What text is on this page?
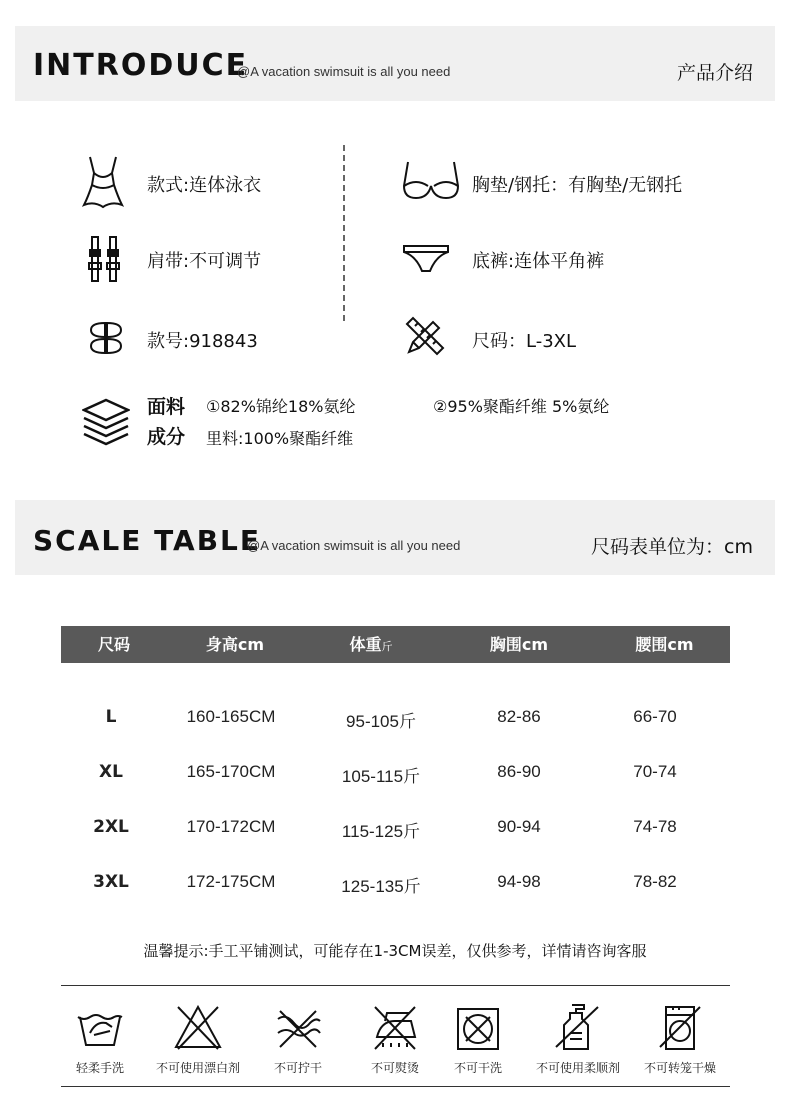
INTRODUCE
@A vacation swimsuit is all you need	产品介绍
款式:连体泳衣
肩带:不可调节
款号:918843
胸垫/钢托：有胸垫/无钢托
底裤:连体平角裤
尺码：L-3XL
面料
成分
①82%锦纶18%氨纶	②95%聚酯纤维 5%氨纶
里料:100%聚酯纤维
SCALE TABLE
@A vacation swimsuit is all you need	尺码表单位为：cm
尺码	身高cm	体重斤	胸围cm	腰围cm
L	160-165CM	95-105斤	82-86	66-70
XL	165-170CM	105-115斤	86-90	70-74
2XL	170-172CM	115-125斤	90-94	74-78
3XL	172-175CM	125-135斤	94-98	78-82
温馨提示:手工平铺测试，可能存在1-3CM误差，仅供参考，详情请咨询客服
轻柔手洗	不可使用漂白剂	不可拧干	不可熨烫	不可干洗	不可使用柔顺剂	不可转笼干燥
